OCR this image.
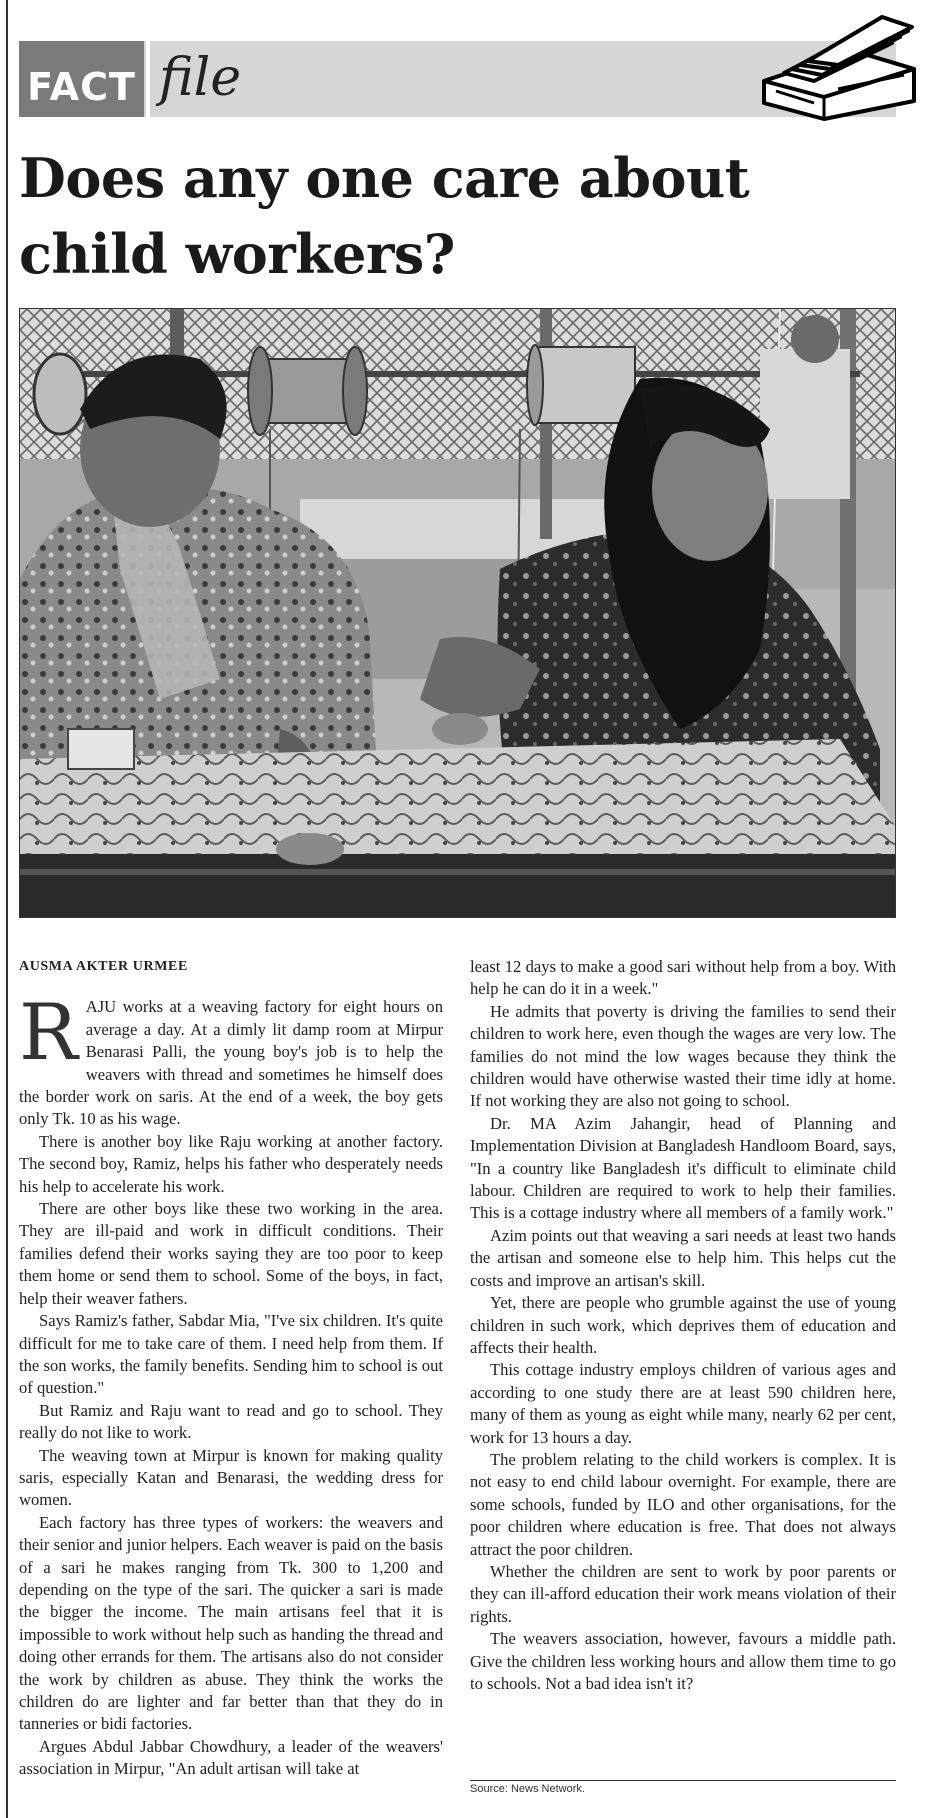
FACT file
Does any one care about child workers?
AUSMA AKTER URMEE

RAJU works at a weaving factory for eight hours on average a day. At a dimly lit damp room at Mirpur Benarasi Palli, the young boy's job is to help the weavers with thread and sometimes he himself does the border work on saris. At the end of a week, the boy gets only Tk. 10 as his wage.

There is another boy like Raju working at another factory. The second boy, Ramiz, helps his father who desperately needs his help to accelerate his work.

There are other boys like these two working in the area. They are ill-paid and work in difficult conditions. Their families defend their works saying they are too poor to keep them home or send them to school. Some of the boys, in fact, help their weaver fathers.

Says Ramiz's father, Sabdar Mia, "I've six children. It's quite difficult for me to take care of them. I need help from them. If the son works, the family benefits. Sending him to school is out of question."

But Ramiz and Raju want to read and go to school. They really do not like to work.

The weaving town at Mirpur is known for making quality saris, especially Katan and Benarasi, the wedding dress for women.

Each factory has three types of workers: the weavers and their senior and junior helpers. Each weaver is paid on the basis of a sari he makes ranging from Tk. 300 to 1,200 and depending on the type of the sari. The quicker a sari is made the bigger the income. The main artisans feel that it is impossible to work without help such as handing the thread and doing other errands for them. The artisans also do not consider the work by children as abuse. They think the works the children do are lighter and far better than that they do in tanneries or bidi factories.

Argues Abdul Jabbar Chowdhury, a leader of the weavers' association in Mirpur, "An adult artisan will take at

least 12 days to make a good sari without help from a boy. With help he can do it in a week."

He admits that poverty is driving the families to send their children to work here, even though the wages are very low. The families do not mind the low wages because they think the children would have otherwise wasted their time idly at home. If not working they are also not going to school.

Dr. MA Azim Jahangir, head of Planning and Implementation Division at Bangladesh Handloom Board, says, "In a country like Bangladesh it's difficult to eliminate child labour. Children are required to work to help their families. This is a cottage industry where all members of a family work."

Azim points out that weaving a sari needs at least two hands the artisan and someone else to help him. This helps cut the costs and improve an artisan's skill.

Yet, there are people who grumble against the use of young children in such work, which deprives them of education and affects their health.

This cottage industry employs children of various ages and according to one study there are at least 590 children here, many of them as young as eight while many, nearly 62 per cent, work for 13 hours a day.

The problem relating to the child workers is complex. It is not easy to end child labour overnight. For example, there are some schools, funded by ILO and other organisations, for the poor children where education is free. That does not always attract the poor children.

Whether the children are sent to work by poor parents or they can ill-afford education their work means violation of their rights.

The weavers association, however, favours a middle path. Give the children less working hours and allow them time to go to schools. Not a bad idea isn't it?

Source: News Network.
